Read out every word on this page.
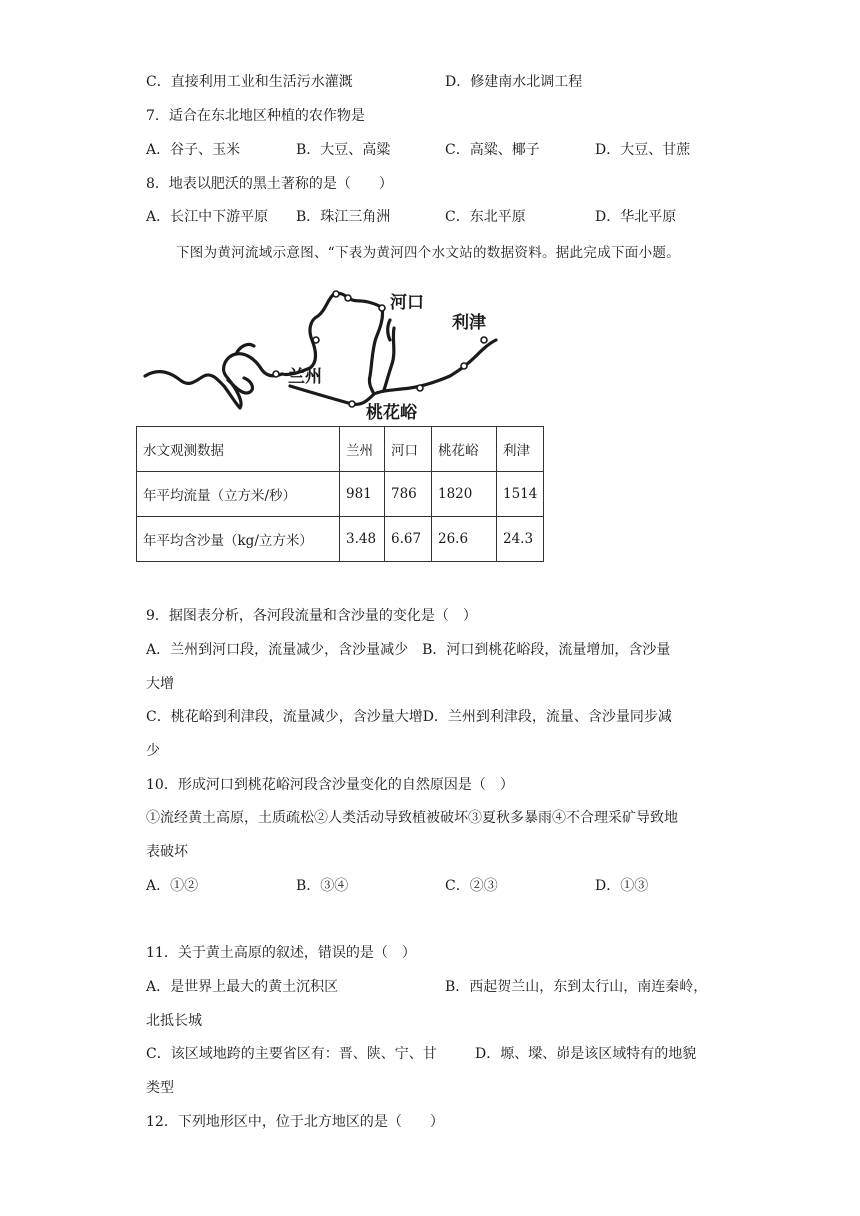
C．直接利用工业和生活污水灌溉	D．修建南水北调工程
7．适合在东北地区种植的农作物是
A．谷子、玉米	B．大豆、高粱	C．高粱、椰子	D．大豆、甘蔗
8．地表以肥沃的黑土著称的是（　　）
A．长江中下游平原 B．珠江三角洲	C．东北平原	D．华北平原
下图为黄河流域示意图、“下表为黄河四个水文站的数据资料。据此完成下面小题。
河口
利津
兰州
桃花峪
水文观测数据	兰州	河口	桃花峪	利津
年平均流量（立方米/秒）	981	786	1820	1514
年平均含沙量（kg/立方米）	3.48	6.67	26.6	24.3
9．据图表分析，各河段流量和含沙量的变化是（　）
A．兰州到河口段，流量减少，含沙量减少　B．河口到桃花峪段，流量增加，含沙量
大增
C．桃花峪到利津段，流量减少，含沙量大增D．兰州到利津段，流量、含沙量同步减
少
10．形成河口到桃花峪河段含沙量变化的自然原因是（　）
①流经黄土高原，土质疏松②人类活动导致植被破坏③夏秋多暴雨④不合理采矿导致地
表破坏
A．①②	B．③④	C．②③	D．①③
11．关于黄土高原的叙述，错误的是（　）
A．是世界上最大的黄土沉积区	B．西起贺兰山，东到太行山，南连秦岭，
北抵长城
C．该区域地跨的主要省区有：晋、陕、宁、甘	D．塬、墚、峁是该区域特有的地貌
类型
12．下列地形区中，位于北方地区的是（　　）
